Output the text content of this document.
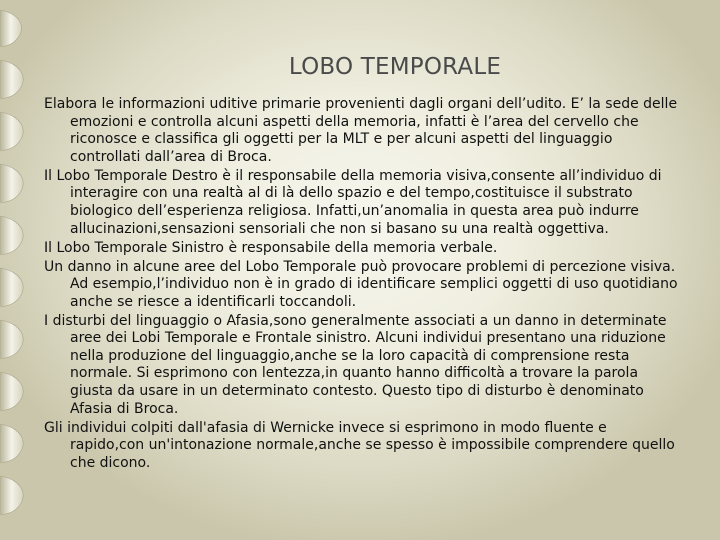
LOBO TEMPORALE
Elabora le informazioni uditive primarie provenienti dagli organi dell’udito. E’ la sede delle emozioni e controlla alcuni aspetti della memoria, infatti è l’area del cervello che riconosce e classifica gli oggetti per la MLT e per alcuni aspetti del linguaggio controllati dall’area di Broca.
Il Lobo Temporale Destro è il responsabile della memoria visiva,consente all’individuo di interagire con una realtà al di là dello spazio e del tempo,costituisce il substrato biologico dell’esperienza religiosa. Infatti,un’anomalia in questa area può indurre allucinazioni,sensazioni sensoriali che non si basano su una realtà oggettiva.
Il Lobo Temporale Sinistro è responsabile della memoria verbale.
Un danno in alcune aree del Lobo Temporale può provocare problemi di percezione visiva. Ad esempio,l’individuo non è in grado di identificare semplici oggetti di uso quotidiano anche se riesce a identificarli toccandoli.
I disturbi del linguaggio o Afasia,sono generalmente associati a un danno in determinate aree dei Lobi Temporale e Frontale sinistro. Alcuni individui presentano una riduzione nella produzione del linguaggio,anche se la loro capacità di comprensione resta normale. Si esprimono con lentezza,in quanto hanno difficoltà a trovare la parola giusta da usare in un determinato contesto. Questo tipo di disturbo è denominato Afasia di Broca.
Gli individui colpiti dall'afasia di Wernicke invece si esprimono in modo fluente e rapido,con un'intonazione normale,anche se spesso è impossibile comprendere quello che dicono.
